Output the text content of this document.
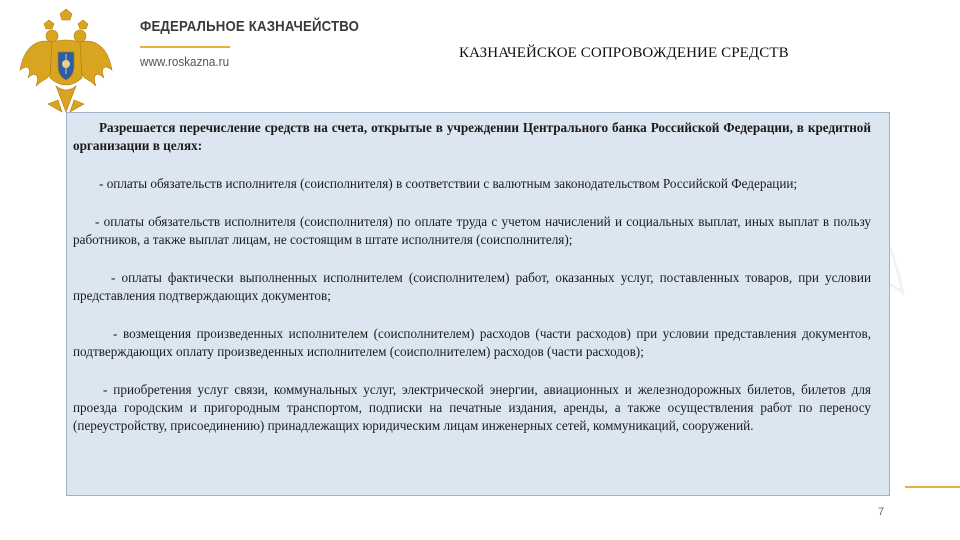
ФЕДЕРАЛЬНОЕ КАЗНАЧЕЙСТВО
www.roskazna.ru
КАЗНАЧЕЙСКОЕ СОПРОВОЖДЕНИЕ СРЕДСТВ

Разрешается перечисление средств на счета, открытые в учреждении Центрального банка Российской Федерации, в кредитной организации в целях:

- оплаты обязательств исполнителя (соисполнителя) в соответствии с валютным законодательством Российской Федерации;

- оплаты обязательств исполнителя (соисполнителя) по оплате труда с учетом начислений и социальных выплат, иных выплат в пользу работников, а также выплат лицам, не состоящим в штате исполнителя (соисполнителя);

- оплаты фактически выполненных исполнителем (соисполнителем) работ, оказанных услуг, поставленных товаров, при условии представления подтверждающих документов;

- возмещения произведенных исполнителем (соисполнителем) расходов (части расходов) при условии представления документов, подтверждающих оплату произведенных исполнителем (соисполнителем) расходов (части расходов);

- приобретения услуг связи, коммунальных услуг, электрической энергии, авиационных и железнодорожных билетов, билетов для проезда городским и пригородным транспортом, подписки на печатные издания, аренды, а также осуществления работ по переносу (переустройству, присоединению) принадлежащих юридическим лицам инженерных сетей, коммуникаций, сооружений.

7
